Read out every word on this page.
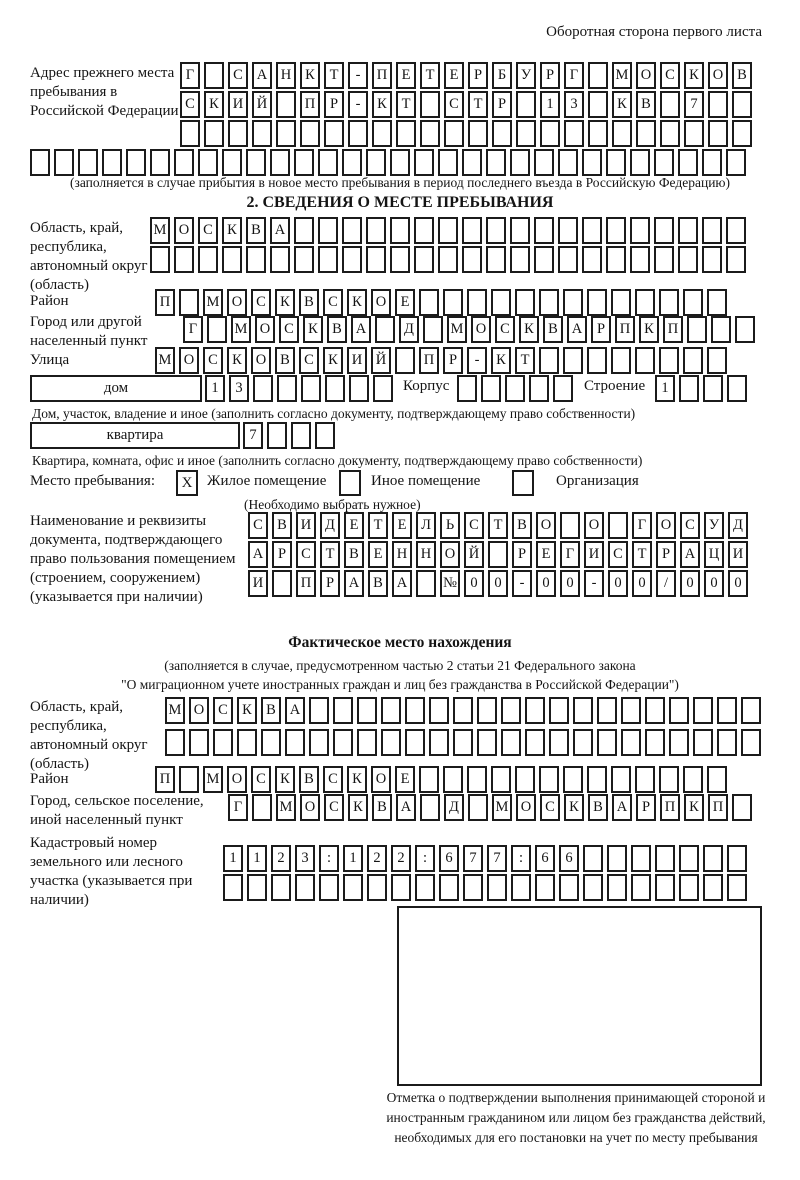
Оборотная сторона первого листа
Адрес прежнего места пребывания в Российской Федерации
Г	С А Н К	Т	-	П Е	Т	Е	Р	Б	У	Р	Г	М О С К О В
С К И Й	П	Р	-	К	Т	С	Т	Р	1	3	К В	7
(заполняется в случае прибытия в новое место пребывания в период последнего въезда в Российскую Федерацию)
2. СВЕДЕНИЯ О МЕСТЕ ПРЕБЫВАНИЯ
Область, край, республика, автономный округ (область)
М О С К В А
Район	П	М О С К В С К О Е
Город или другой населенный пункт
Г	М О С К В А	Д	М О С К В А	Р	П К П
Улица	М О С К О В С К И Й	П	Р	-	К	Т
дом	1	3	Корпус	Строение	1
Дом, участок, владение и иное (заполнить согласно документу, подтверждающему право собственности)
квартира	7
Квартира, комната, офис и иное (заполнить согласно документу, подтверждающему право собственности)
Место пребывания:	X Жилое помещение	Иное помещение	Организация
(Необходимо выбрать нужное)
Наименование и реквизиты документа, подтверждающего право пользования помещением (строением, сооружением) (указывается при наличии)
С В И Д	Е	Т	Е	Л	Ь	С	Т	В О	О	Г	О С У Д
А	Р	С	Т	В	Е Н Н О Й	Р	Е	Г	И С	Т	Р	А Ц И
И	П	Р	А В А	№ 0	0	-	0	0	-	0	0	/	0	0	0
Фактическое место нахождения
(заполняется в случае, предусмотренном частью 2 статьи 21 Федерального закона
"О миграционном учете иностранных граждан и лиц без гражданства в Российской Федерации")
Область, край, республика, автономный округ (область)
М О С К В А
Район	П	М О С К В С К О Е
Город, сельское поселение, иной населенный пункт
Г	М О С К В А	Д	М О С К В А	Р	П К П
Кадастровый номер земельного или лесного участка (указывается при наличии)
1	1	2	3	:	1	2	2	:	6	7	7	:	6	6
Отметка о подтверждении выполнения принимающей стороной и иностранным гражданином или лицом без гражданства действий, необходимых для его постановки на учет по месту пребывания
